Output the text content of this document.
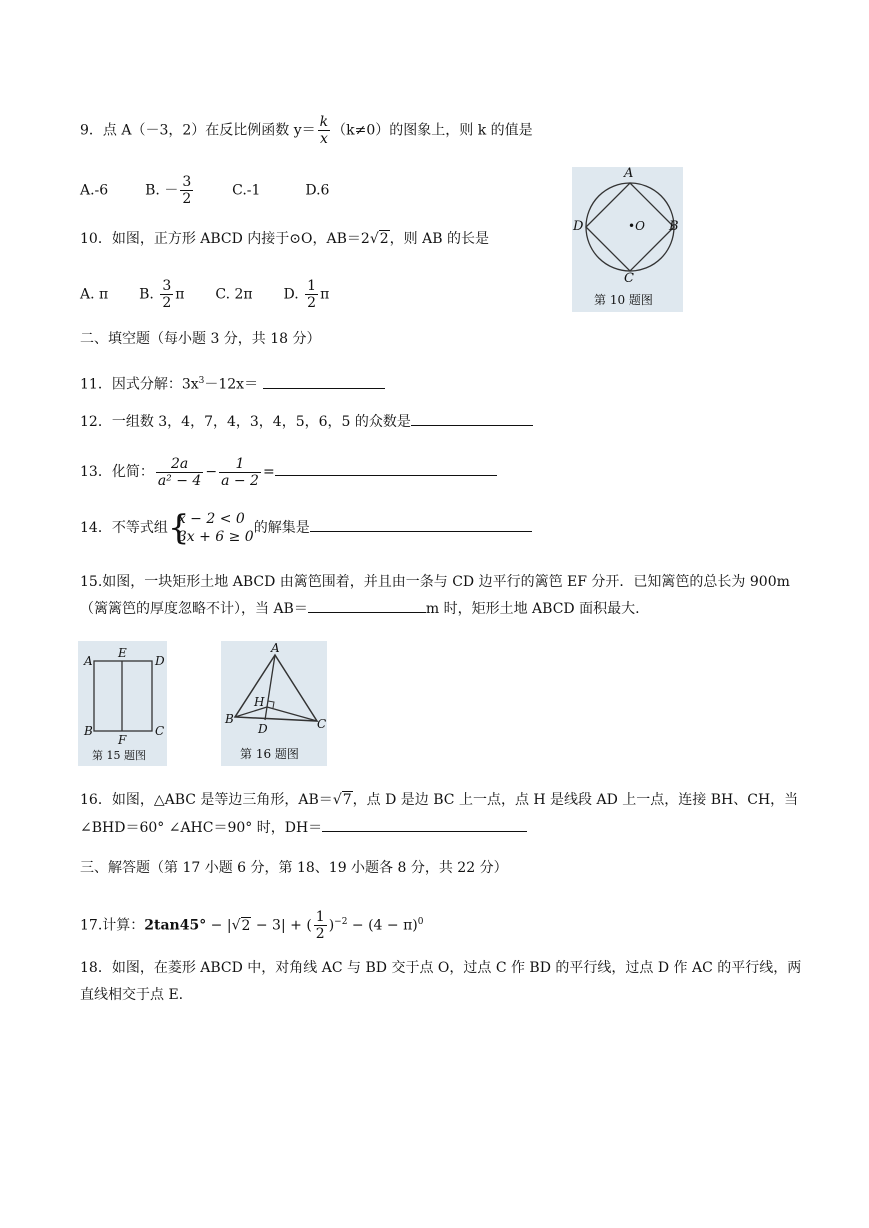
9．点 A（－3，2）在反比例函数 $y= \frac{k}{x} (k\ne 0)$的图象上，则 k 的值是
A.-6	B. － $\frac{3}{2}$	C.-1	D.6
10．如图，正方形 ABCD 内接于⊙O，AB＝2√2，则 AB 的长是
A. π B. $\frac{3}{2}$ π C. 2π D. $\frac{1}{2}$ π
A
B
C
D	•O
第 10 题图
二、填空题（每小题 3 分，共 18 分）
11．因式分解：$3x^3-12x=$
12．一组数 3，4，7，4，3，4，5，6，5 的众数是
13．化简： $\frac{2a}{\text{a² − 4}} - \frac{1}{a - 2}$ =
14．不等式组 {
x − 2 < 0
3x + 6 ≥ 0
的解集是
15.如图，一块矩形土地 ABCD 由篱笆围着，并且由一条与 CD 边平行的篱笆 EF 分开．已知篱笆的总长为 900m
（篱篱笆的厚度忽略不计），当 AB＝	m 时，矩形土地 ABCD 面积最大.
A
E
D
B
F
C
第 15 题图
A
B	C
D
H
第 16 题图
16．如图，△ABC 是等边三角形，AB＝√7，点 D 是边 BC 上一点，点 H 是线段 AD 上一点，连接 BH、CH，当
∠BHD＝60° ∠AHC＝90° 时，DH＝
三、解答题（第 17 小题 6 分，第 18、19 小题各 8 分，共 22 分）
17.计算：2tan45° − |√2 − 3| + ( $\frac{1}{2} )^{-2} - (4 - \pi)^0$
18．如图，在菱形 ABCD 中，对角线 AC 与 BD 交于点 O，过点 C 作 BD 的平行线，过点 D 作 AC 的平行线，两
直线相交于点 E.
